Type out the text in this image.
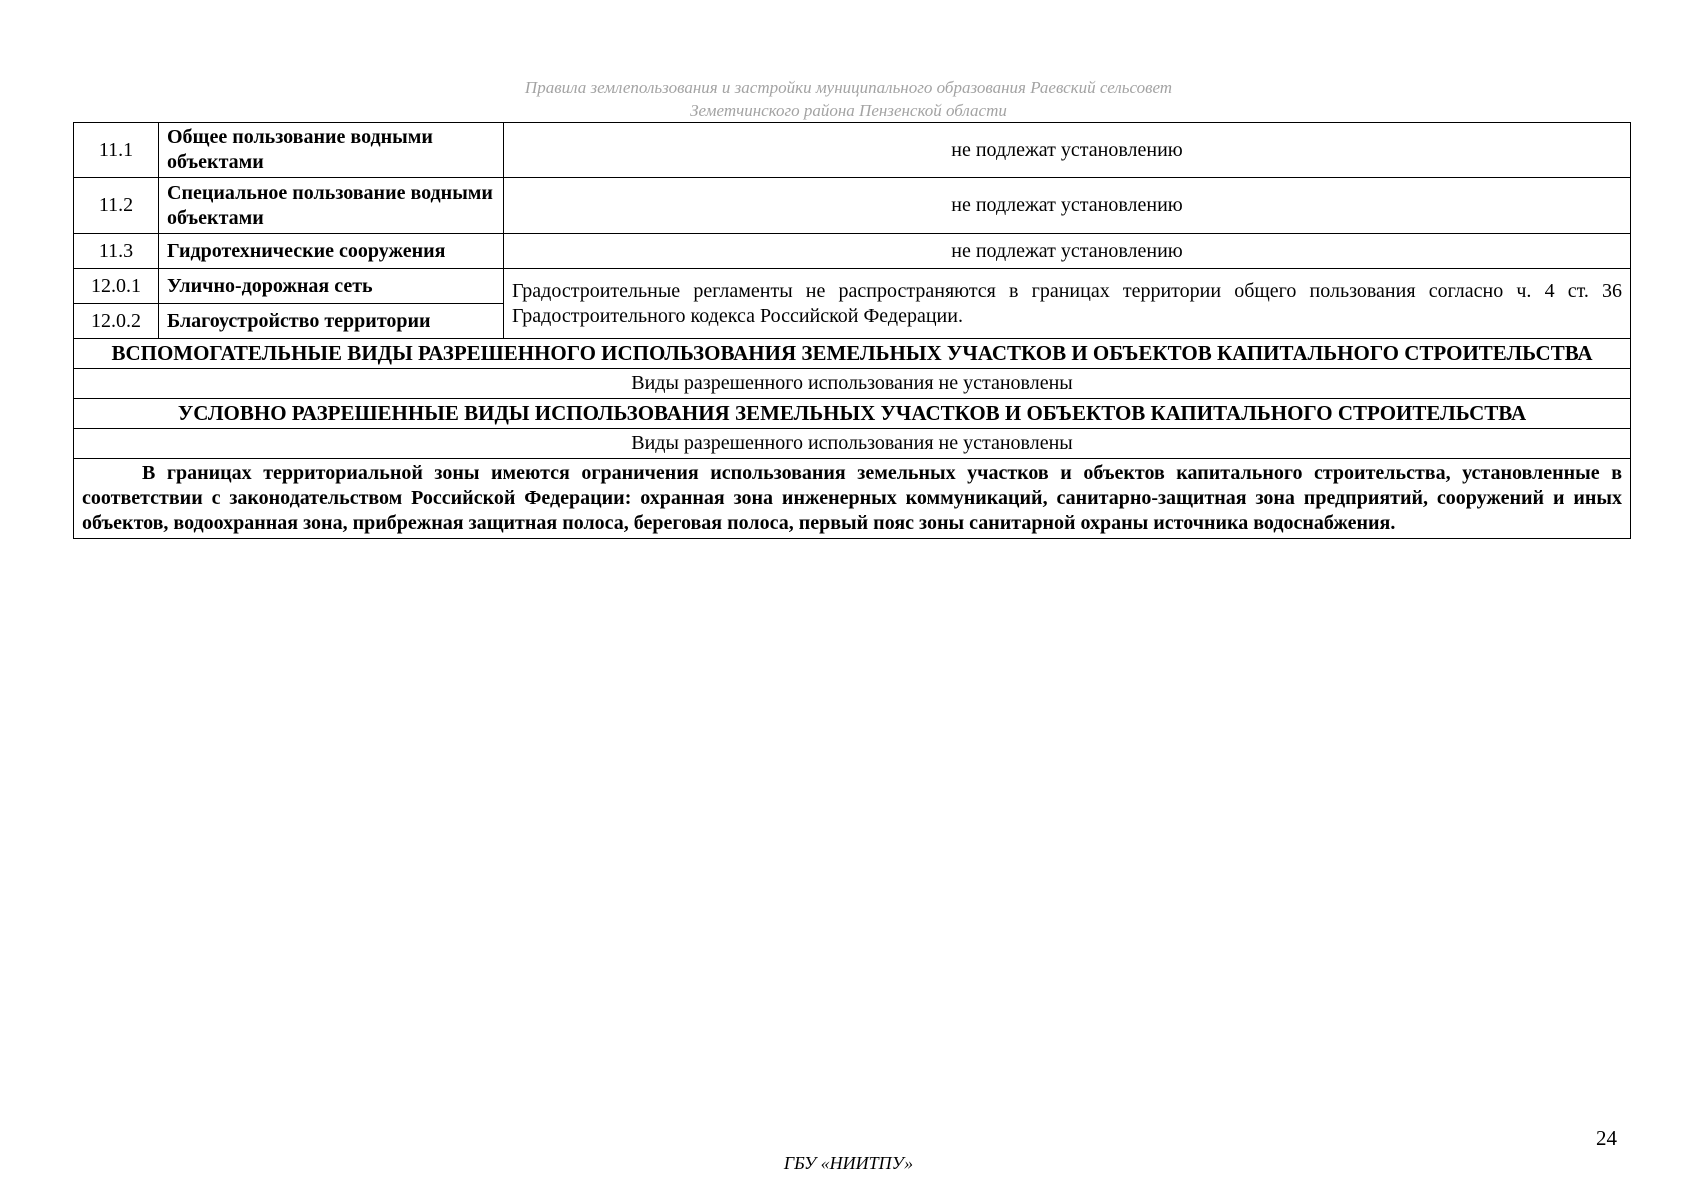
Правила землепользования и застройки муниципального образования Раевский сельсовет
Земетчинского района Пензенской области
11.1	Общее пользование водными объектами	не подлежат установлению
11.2	Специальное пользование водными объектами	не подлежат установлению
11.3	Гидротехнические сооружения	не подлежат установлению
12.0.1	Улично-дорожная сеть	Градостроительные регламенты не распространяются в границах территории общего пользования согласно ч. 4 ст. 36 Градостроительного кодекса Российской Федерации.
12.0.2	Благоустройство территории	
ВСПОМОГАТЕЛЬНЫЕ ВИДЫ РАЗРЕШЕННОГО ИСПОЛЬЗОВАНИЯ ЗЕМЕЛЬНЫХ УЧАСТКОВ И ОБЪЕКТОВ КАПИТАЛЬНОГО СТРОИТЕЛЬСТВА		
Виды разрешенного использования не установлены		
УСЛОВНО РАЗРЕШЕННЫЕ ВИДЫ ИСПОЛЬЗОВАНИЯ ЗЕМЕЛЬНЫХ УЧАСТКОВ И ОБЪЕКТОВ КАПИТАЛЬНОГО СТРОИТЕЛЬСТВА		
Виды разрешенного использования не установлены		
В границах территориальной зоны имеются ограничения использования земельных участков и объектов капитального строительства, установленные в соответствии с законодательством Российской Федерации: охранная зона инженерных коммуникаций, санитарно-защитная зона предприятий, сооружений и иных объектов, водоохранная зона, прибрежная защитная полоса, береговая полоса, первый пояс зоны санитарной охраны источника водоснабжения.		
24
ГБУ «НИИТПУ»
